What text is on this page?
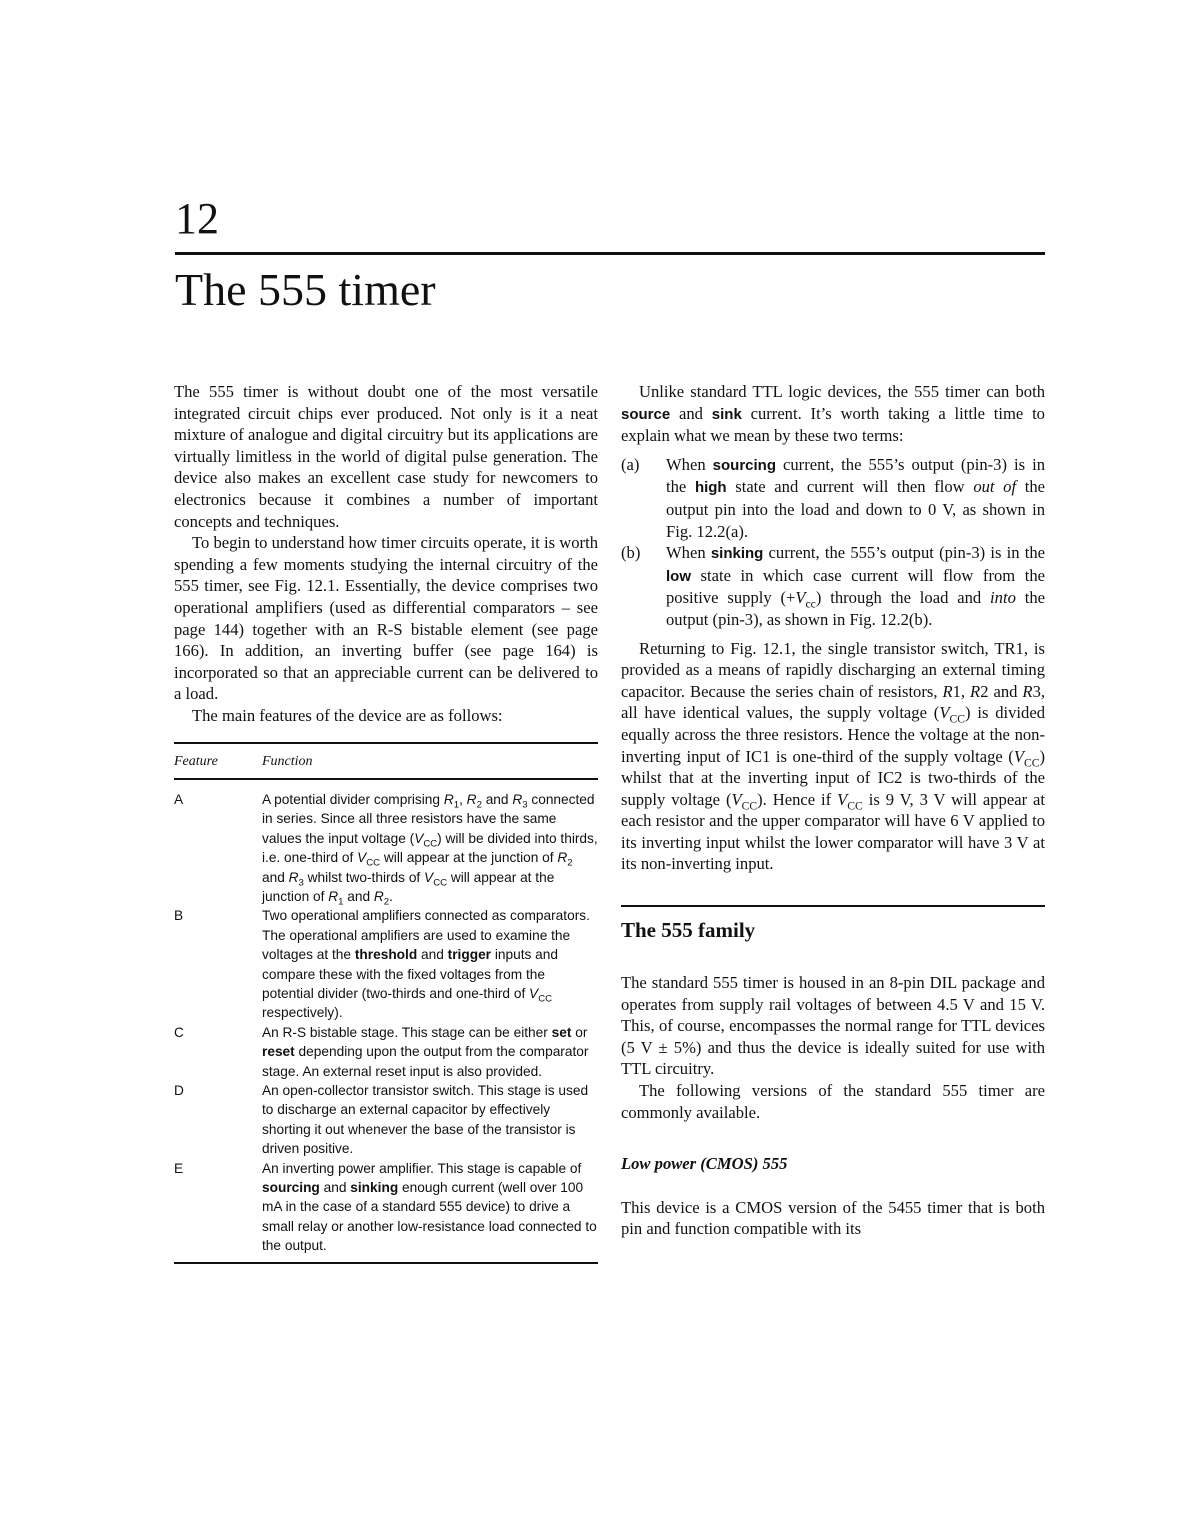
12
The 555 timer

The 555 timer is without doubt one of the most versatile integrated circuit chips ever produced. Not only is it a neat mixture of analogue and digital circuitry but its applications are virtually limitless in the world of digital pulse generation. The device also makes an excellent case study for newcomers to electronics because it combines a number of important concepts and techniques.

To begin to understand how timer circuits operate, it is worth spending a few moments studying the internal circuitry of the 555 timer, see Fig. 12.1. Essentially, the device comprises two operational amplifiers (used as differential comparators – see page 144) together with an R-S bistable element (see page 166). In addition, an inverting buffer (see page 164) is incorporated so that an appreciable current can be delivered to a load.

The main features of the device are as follows:

Feature	Function
A	A potential divider comprising $R_1$, $R_2$ and $R_3$ connected in series. Since all three resistors have the same values the input voltage $(V_{CC})$ will be divided into thirds, i.e. one-third of $V_{CC}$ will appear at the junction of $R_2$ and $R_3$ whilst two-thirds of $V_{CC}$ will appear at the junction of $R_1$ and $R_2$.
B	Two operational amplifiers connected as comparators. The operational amplifiers are used to examine the voltages at the threshold and trigger inputs and compare these with the fixed voltages from the potential divider (two-thirds and one-third of $V_{CC}$ respectively).
C	An R-S bistable stage. This stage can be either set or reset depending upon the output from the comparator stage. An external reset input is also provided.
D	An open-collector transistor switch. This stage is used to discharge an external capacitor by effectively shorting it out whenever the base of the transistor is driven positive.
E	An inverting power amplifier. This stage is capable of sourcing and sinking enough current (well over 100 mA in the case of a standard 555 device) to drive a small relay or another low-resistance load connected to the output.

Unlike standard TTL logic devices, the 555 timer can both source and sink current. It’s worth taking a little time to explain what we mean by these two terms:

(a)	When sourcing current, the 555’s output (pin-3) is in the high state and current will then flow out of the output pin into the load and down to 0 V, as shown in Fig. 12.2(a).
(b)	When sinking current, the 555’s output (pin-3) is in the low state in which case current will flow from the positive supply $(+V_{cc})$ through the load and into the output (pin-3), as shown in Fig. 12.2(b).

Returning to Fig. 12.1, the single transistor switch, TR1, is provided as a means of rapidly discharging an external timing capacitor. Because the series chain of resistors, R1, R2 and R3, all have identical values, the supply voltage $(V_{CC})$ is divided equally across the three resistors. Hence the voltage at the non-inverting input of IC1 is one-third of the supply voltage $(V_{CC})$ whilst that at the inverting input of IC2 is two-thirds of the supply voltage $(V_{CC})$. Hence if $V_{CC}$ is 9 V, 3 V will appear at each resistor and the upper comparator will have 6 V applied to its inverting input whilst the lower comparator will have 3 V at its non-inverting input.

The 555 family

The standard 555 timer is housed in an 8-pin DIL package and operates from supply rail voltages of between 4.5 V and 15 V. This, of course, encompasses the normal range for TTL devices (5 V ± 5%) and thus the device is ideally suited for use with TTL circuitry.

The following versions of the standard 555 timer are commonly available.

Low power (CMOS) 555

This device is a CMOS version of the 5455 timer that is both pin and function compatible with its
